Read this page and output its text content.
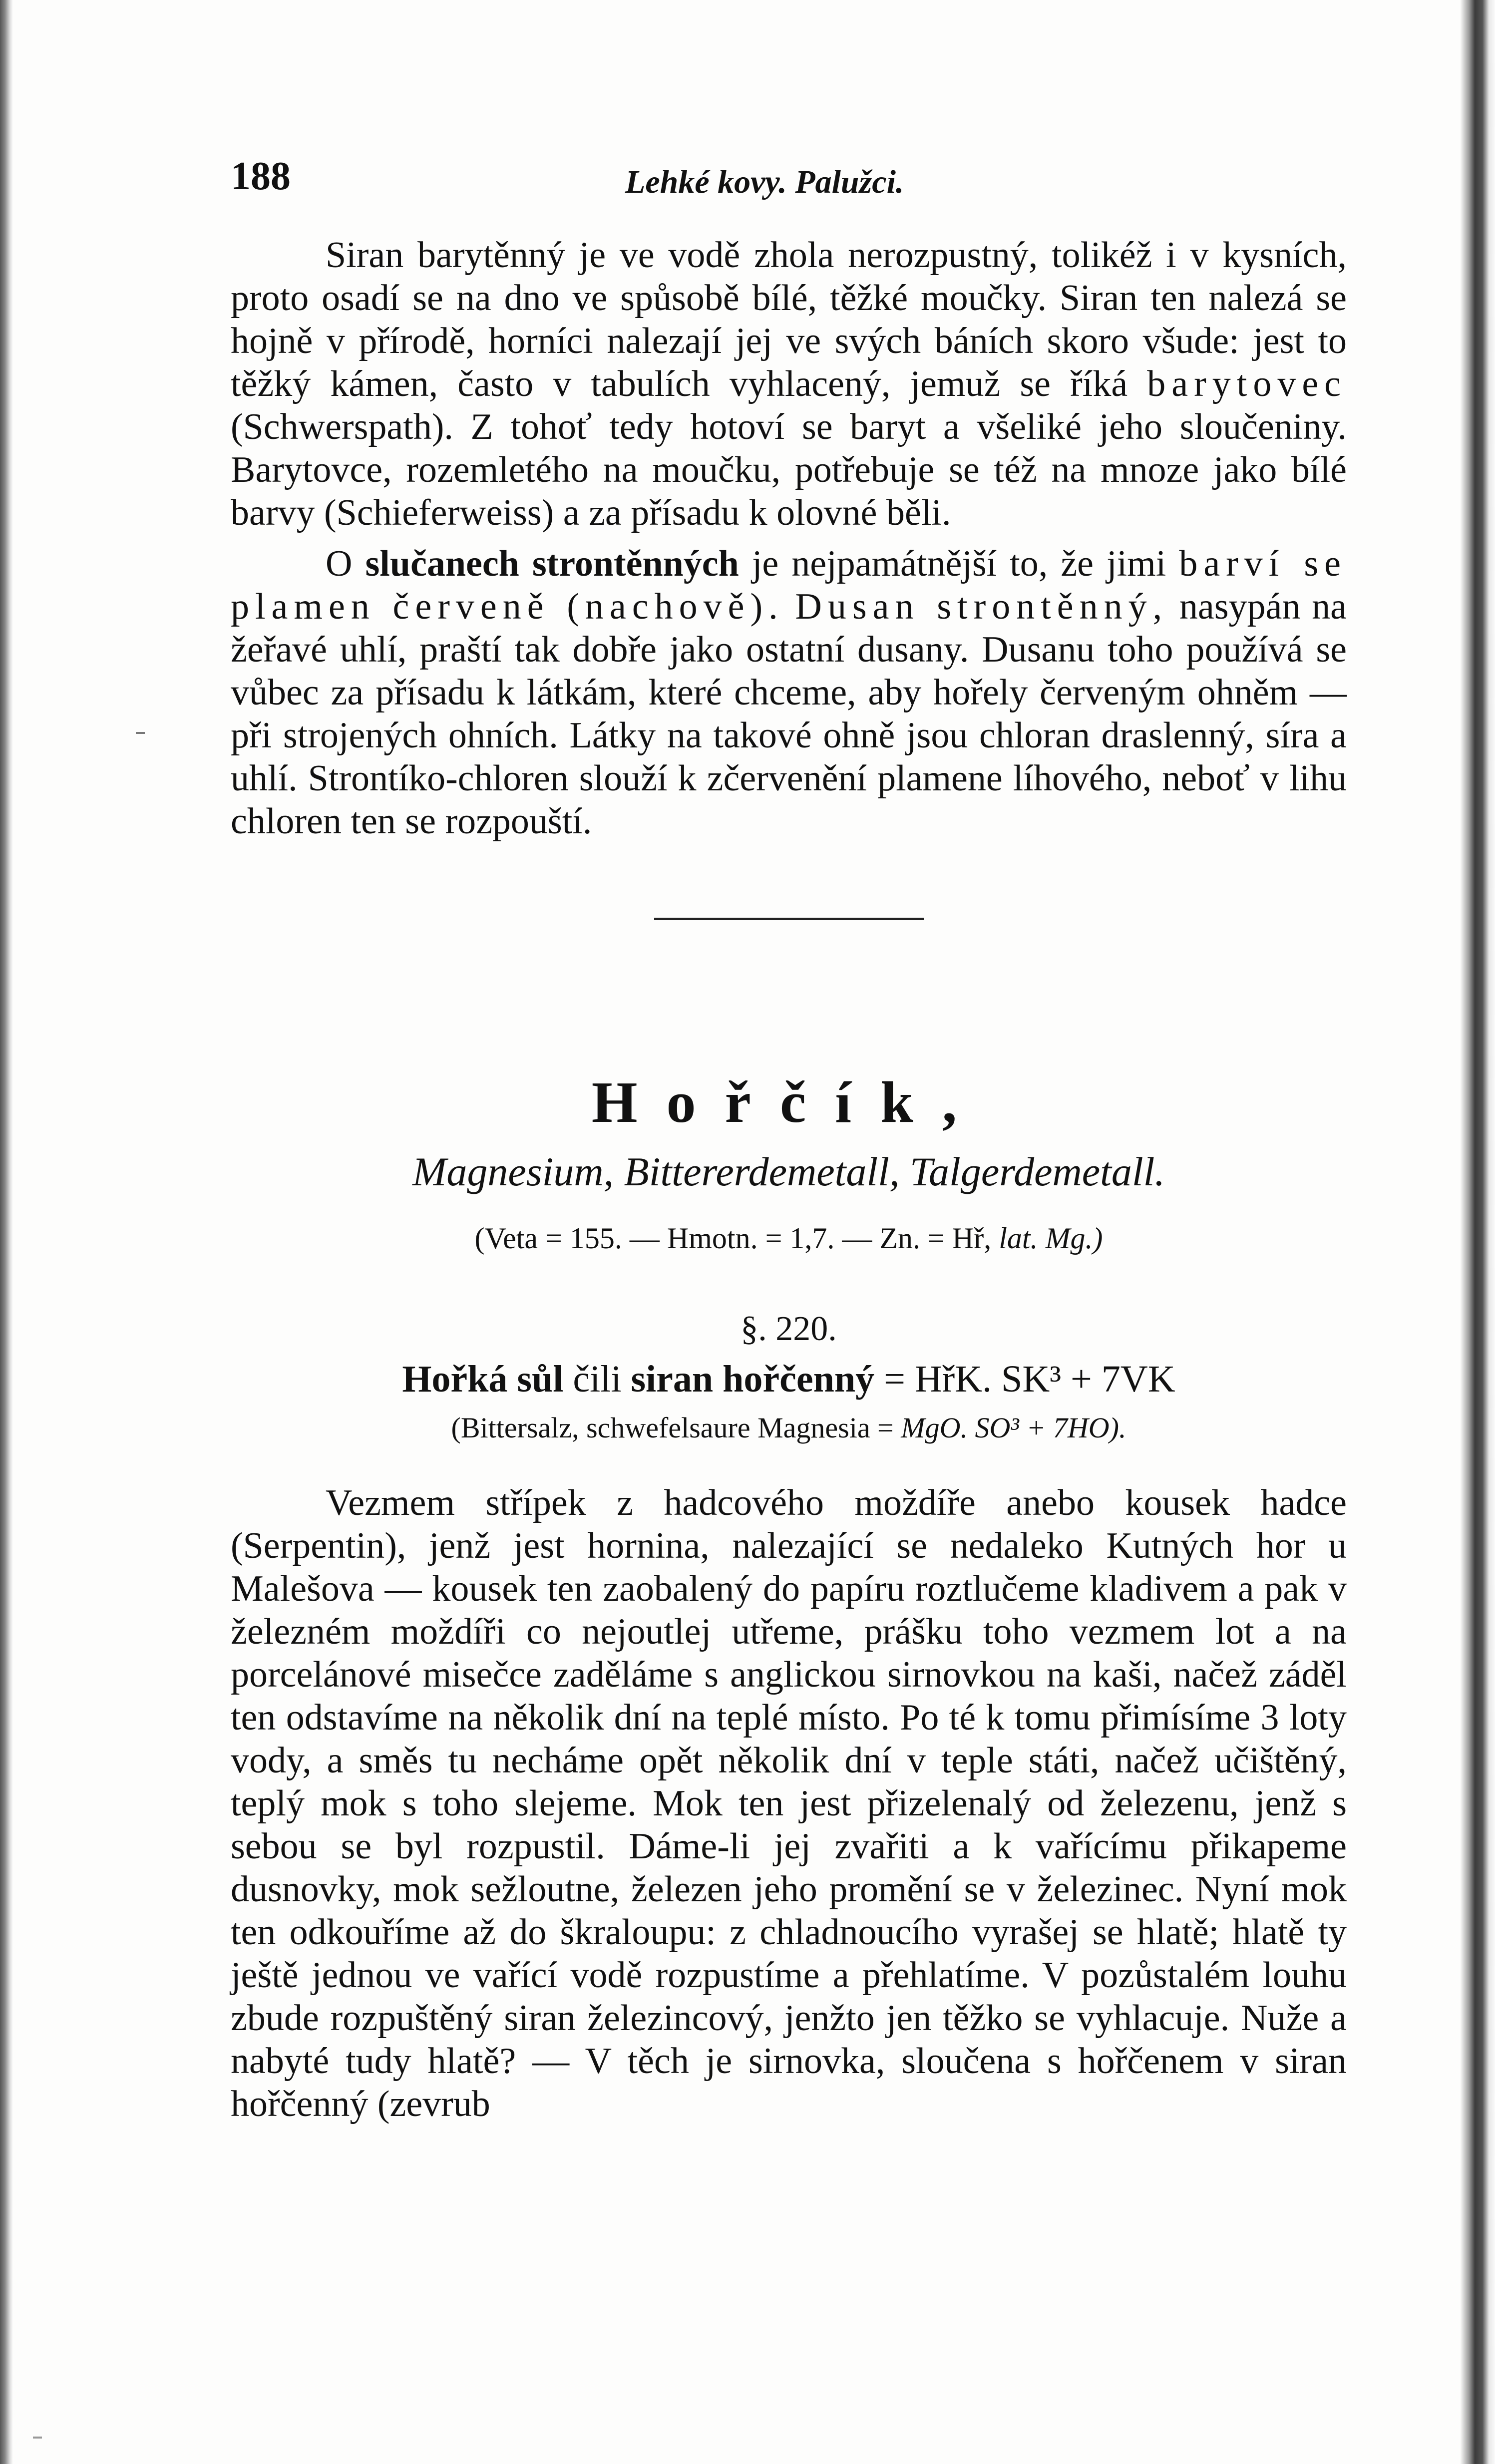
188	Lehké kovy. Palužci.

Siran barytěnný je ve vodě zhola nerozpustný, tolikéž i v kysních, proto osadí se na dno ve spůsobě bílé, těžké moučky. Siran ten nalezá se hojně v přírodě, horníci nalezají jej ve svých báních skoro všude: jest to těžký kámen, často v tabulích vyhlacený, jemuž se říká barytovec (Schwerspath). Z tohoť tedy hotoví se baryt a všeliké jeho sloučeniny. Barytovce, rozemletého na moučku, potřebuje se též na mnoze jako bílé barvy (Schieferweiss) a za přísadu k olovné běli.

O slučanech strontěnných je nejpamátnější to, že jimi barví se plamen červeně (nachově). Dusan strontěnný, nasypán na žeřavé uhlí, praští tak dobře jako ostatní dusany. Dusanu toho používá se vůbec za přísadu k látkám, které chceme, aby hořely červeným ohněm — při strojených ohních. Látky na takové ohně jsou chloran draslenný, síra a uhlí. Strontíko-chloren slouží k zčervenění plamene líhového, neboť v lihu chloren ten se rozpouští.

Hořčík,
Magnesium, Bittererdemetall, Talgerdemetall.
(Veta = 155. — Hmotn. = 1,7. — Zn. = Hř, lat. Mg.)
§. 220.
Hořká sůl čili siran hořčenný = HřK. SK³ + 7VK
(Bittersalz, schwefelsaure Magnesia = MgO. SO³ + 7HO).

Vezmem střípek z hadcového moždíře anebo kousek hadce (Serpentin), jenž jest hornina, nalezající se nedaleko Kutných hor u Malešova — kousek ten zaobalený do papíru roztlučeme kladivem a pak v železném moždíři co nejoutlej utřeme, prášku toho vezmem lot a na porcelánové misečce zaděláme s anglickou sirnovkou na kaši, načež záděl ten odstavíme na několik dní na teplé místo. Po té k tomu přimísíme 3 loty vody, a směs tu necháme opět několik dní v teple státi, načež učištěný, teplý mok s toho slejeme. Mok ten jest přizelenalý od železenu, jenž s sebou se byl rozpustil. Dáme-li jej zvařiti a k vařícímu přikapeme dusnovky, mok sežloutne, železen jeho promění se v železinec. Nyní mok ten odkouříme až do škraloupu: z chladnoucího vyrašej se hlatě; hlatě ty ještě jednou ve vařící vodě rozpustíme a přehlatíme. V pozůstalém louhu zbude rozpuštěný siran železincový, jenžto jen těžko se vyhlacuje. Nuže a nabyté tudy hlatě? — V těch je sirnovka, sloučena s hořčenem v siran hořčenný (zevrub
